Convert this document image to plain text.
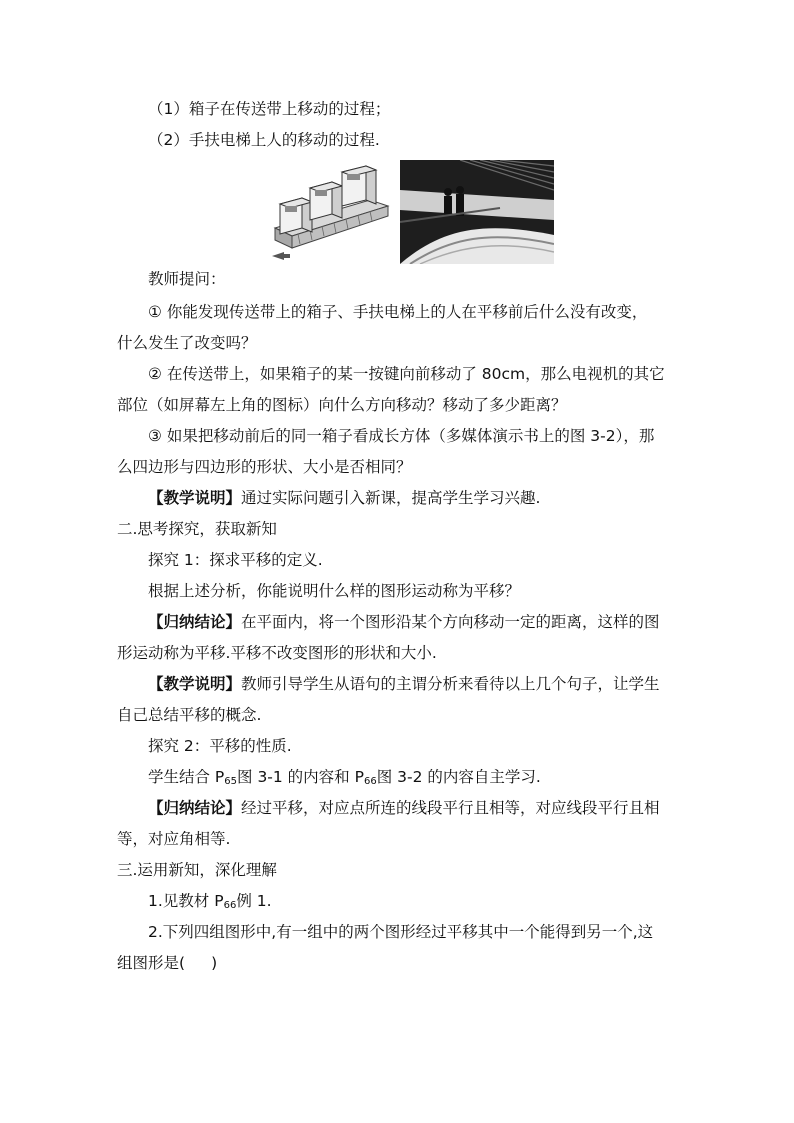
（1）箱子在传送带上移动的过程；
（2）手扶电梯上人的移动的过程.
教师提问：
① 你能发现传送带上的箱子、手扶电梯上的人在平移前后什么没有改变，
什么发生了改变吗？
② 在传送带上，如果箱子的某一按键向前移动了 80cm，那么电视机的其它
部位（如屏幕左上角的图标）向什么方向移动？移动了多少距离？
③ 如果把移动前后的同一箱子看成长方体（多媒体演示书上的图 3-2），那
么四边形与四边形的形状、大小是否相同？
【教学说明】通过实际问题引入新课，提高学生学习兴趣.
二.思考探究，获取新知
探究 1：探求平移的定义.
根据上述分析，你能说明什么样的图形运动称为平移？
【归纳结论】在平面内，将一个图形沿某个方向移动一定的距离，这样的图
形运动称为平移.平移不改变图形的形状和大小.
【教学说明】教师引导学生从语句的主谓分析来看待以上几个句子，让学生
自己总结平移的概念.
探究 2：平移的性质.
学生结合 $P_{65}$图 3-1 的内容和 $P_{66}$图 3-2 的内容自主学习.
【归纳结论】经过平移，对应点所连的线段平行且相等，对应线段平行且相
等，对应角相等.
三.运用新知，深化理解
1.见教材 $P_{66}$例 1.
2.下列四组图形中,有一组中的两个图形经过平移其中一个能得到另一个,这
组图形是( )
